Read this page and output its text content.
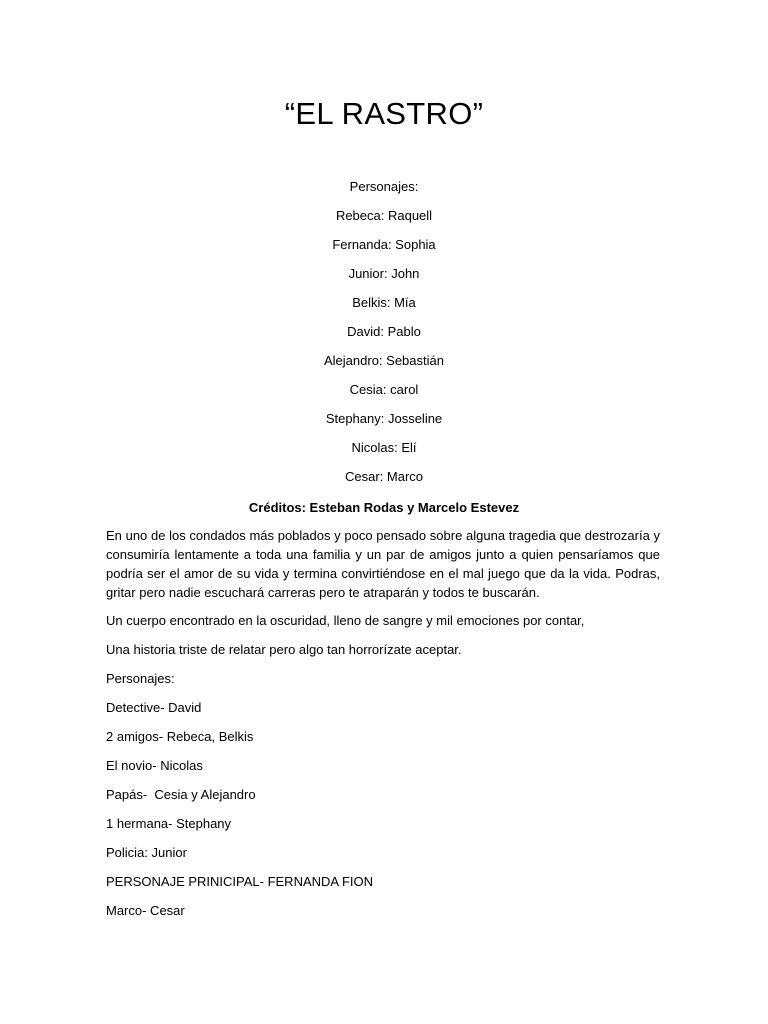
“EL RASTRO”
Personajes:
Rebeca: Raquell
Fernanda: Sophia
Junior: John
Belkis: Mía
David: Pablo
Alejandro: Sebastián
Cesia: carol
Stephany: Josseline
Nicolas: Elí
Cesar: Marco
Créditos: Esteban Rodas y Marcelo Estevez

En uno de los condados más poblados y poco pensado sobre alguna tragedia que destrozaría y consumiría lentamente a toda una familia y un par de amigos junto a quien pensaríamos que podría ser el amor de su vida y termina convirtiéndose en el mal juego que da la vida. Podras, gritar pero nadie escuchará carreras pero te atraparán y todos te buscarán.

Un cuerpo encontrado en la oscuridad, lleno de sangre y mil emociones por contar,

Una historia triste de relatar pero algo tan horrorízate aceptar.

Personajes:
Detective- David
2 amigos- Rebeca, Belkis
El novio- Nicolas
Papás-  Cesia y Alejandro
1 hermana- Stephany
Policia: Junior
PERSONAJE PRINICIPAL- FERNANDA FION
Marco- Cesar
